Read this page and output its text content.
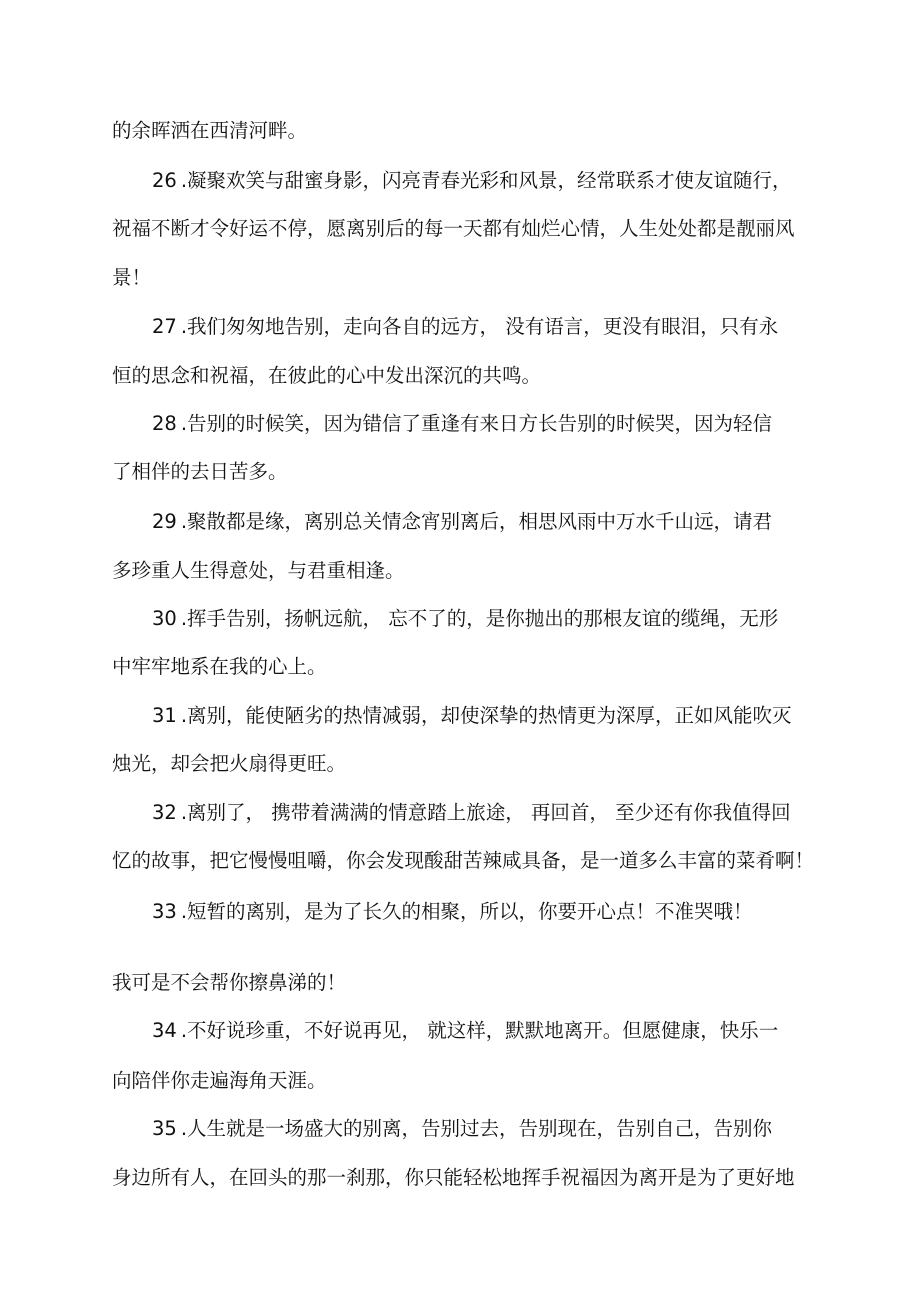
的余晖洒在西清河畔。

26 .凝聚欢笑与甜蜜身影，闪亮青春光彩和风景，经常联系才使友谊随行，

祝福不断才令好运不停，愿离别后的每一天都有灿烂心情，人生处处都是靓丽风

景！

27 .我们匆匆地告别，走向各自的远方， 没有语言，更没有眼泪，只有永

恒的思念和祝福，在彼此的心中发出深沉的共鸣。

28 .告别的时候笑，因为错信了重逢有来日方长告别的时候哭，因为轻信

了相伴的去日苦多。

29 .聚散都是缘，离别总关情念宵别离后，相思风雨中万水千山远，请君

多珍重人生得意处，与君重相逢。

30 .挥手告别，扬帆远航， 忘不了的，是你抛出的那根友谊的缆绳，无形

中牢牢地系在我的心上。

31 .离别，能使陋劣的热情减弱，却使深挚的热情更为深厚，正如风能吹灭

烛光，却会把火扇得更旺。

32 .离别了， 携带着满满的情意踏上旅途， 再回首， 至少还有你我值得回

忆的故事，把它慢慢咀嚼，你会发现酸甜苦辣咸具备，是一道多么丰富的菜肴啊！

33 .短暂的离别，是为了长久的相聚，所以，你要开心点！不准哭哦！

我可是不会帮你擦鼻涕的！

34 .不好说珍重，不好说再见， 就这样，默默地离开。但愿健康，快乐一

向陪伴你走遍海角天涯。

35 .人生就是一场盛大的别离，告别过去，告别现在，告别自己，告别你

身边所有人，在回头的那一刹那，你只能轻松地挥手祝福因为离开是为了更好地
